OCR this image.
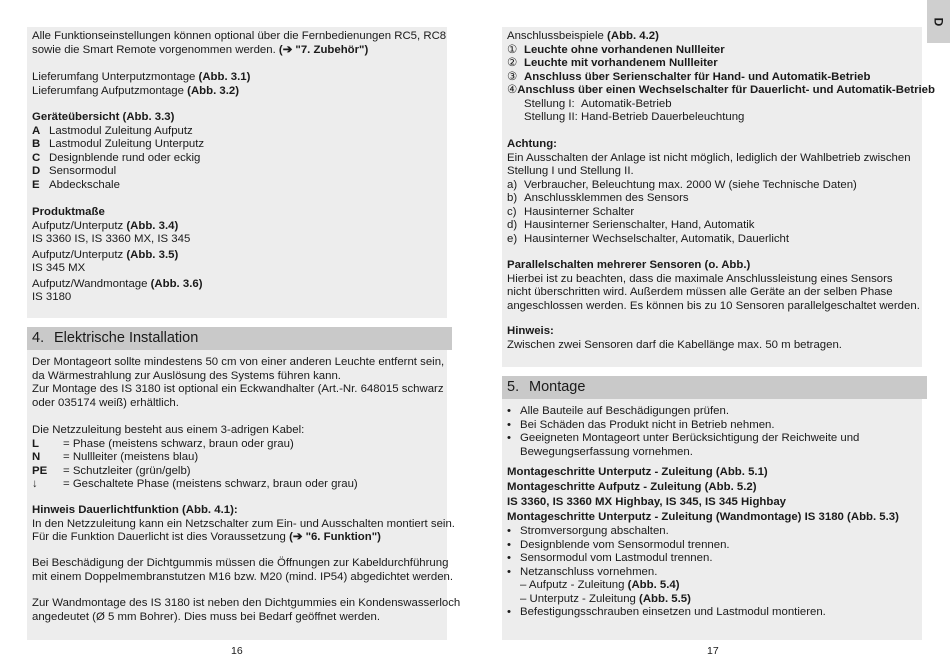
Alle Funktionseinstellungen können optional über die Fernbedienungen RC5, RC8
sowie die Smart Remote vorgenommen werden. (➔ "7. Zubehör")
Lieferumfang Unterputzmontage (Abb. 3.1)
Lieferumfang Aufputzmontage (Abb. 3.2)
Geräteübersicht (Abb. 3.3)
A Lastmodul Zuleitung Aufputz
B Lastmodul Zuleitung Unterputz
C Designblende rund oder eckig
D Sensormodul
E Abdeckschale
Produktmaße
Aufputz/Unterputz (Abb. 3.4)
IS 3360 IS, IS 3360 MX, IS 345
Aufputz/Unterputz (Abb. 3.5)
IS 345 MX
Aufputz/Wandmontage (Abb. 3.6)
IS 3180
4. Elektrische Installation
Der Montageort sollte mindestens 50 cm von einer anderen Leuchte entfernt sein,
da Wärmestrahlung zur Auslösung des Systems führen kann.
Zur Montage des IS 3180 ist optional ein Eckwandhalter (Art.-Nr. 648015 schwarz
oder 035174 weiß) erhältlich.
Die Netzzuleitung besteht aus einem 3-adrigen Kabel:
L	= Phase (meistens schwarz, braun oder grau)
N	= Nullleiter (meistens blau)
PE	= Schutzleiter (grün/gelb)
↓	= Geschaltete Phase (meistens schwarz, braun oder grau)
Hinweis Dauerlichtfunktion (Abb. 4.1):
In den Netzzuleitung kann ein Netzschalter zum Ein- und Ausschalten montiert sein.
Für die Funktion Dauerlicht ist dies Voraussetzung (➔ "6. Funktion")
Bei Beschädigung der Dichtgummis müssen die Öffnungen zur Kabeldurchführung
mit einem Doppelmembranstutzen M16 bzw. M20 (mind. IP54) abgedichtet werden.
Zur Wandmontage des IS 3180 ist neben den Dichtgummies ein Kondenswasserloch
angedeutet (Ø 5 mm Bohrer). Dies muss bei Bedarf geöffnet werden.
16
Anschlussbeispiele (Abb. 4.2)
① Leuchte ohne vorhandenen Nullleiter
② Leuchte mit vorhandenem Nullleiter
③ Anschluss über Serienschalter für Hand- und Automatik-Betrieb
④ Anschluss über einen Wechselschalter für Dauerlicht- und Automatik-Betrieb
Stellung I: Automatik-Betrieb
Stellung II: Hand-Betrieb Dauerbeleuchtung
Achtung:
Ein Ausschalten der Anlage ist nicht möglich, lediglich der Wahlbetrieb zwischen
Stellung I und Stellung II.
a) Verbraucher, Beleuchtung max. 2000 W (siehe Technische Daten)
b) Anschlussklemmen des Sensors
c) Hausinterner Schalter
d) Hausinterner Serienschalter, Hand, Automatik
e) Hausinterner Wechselschalter, Automatik, Dauerlicht
Parallelschalten mehrerer Sensoren (o. Abb.)
Hierbei ist zu beachten, dass die maximale Anschlussleistung eines Sensors
nicht überschritten wird. Außerdem müssen alle Geräte an der selben Phase
angeschlossen werden. Es können bis zu 10 Sensoren parallelgeschaltet werden.
Hinweis:
Zwischen zwei Sensoren darf die Kabellänge max. 50 m betragen.
5. Montage
• Alle Bauteile auf Beschädigungen prüfen.
• Bei Schäden das Produkt nicht in Betrieb nehmen.
• Geeigneten Montageort unter Berücksichtigung der Reichweite und
Bewegungserfassung vornehmen.
Montageschritte Unterputz - Zuleitung (Abb. 5.1)
Montageschritte Aufputz - Zuleitung (Abb. 5.2)
IS 3360, IS 3360 MX Highbay, IS 345, IS 345 Highbay
Montageschritte Unterputz - Zuleitung (Wandmontage) IS 3180 (Abb. 5.3)
• Stromversorgung abschalten.
• Designblende vom Sensormodul trennen.
• Sensormodul vom Lastmodul trennen.
• Netzanschluss vornehmen.
– Aufputz - Zuleitung (Abb. 5.4)
– Unterputz - Zuleitung (Abb. 5.5)
• Befestigungsschrauben einsetzen und Lastmodul montieren.
17
D
